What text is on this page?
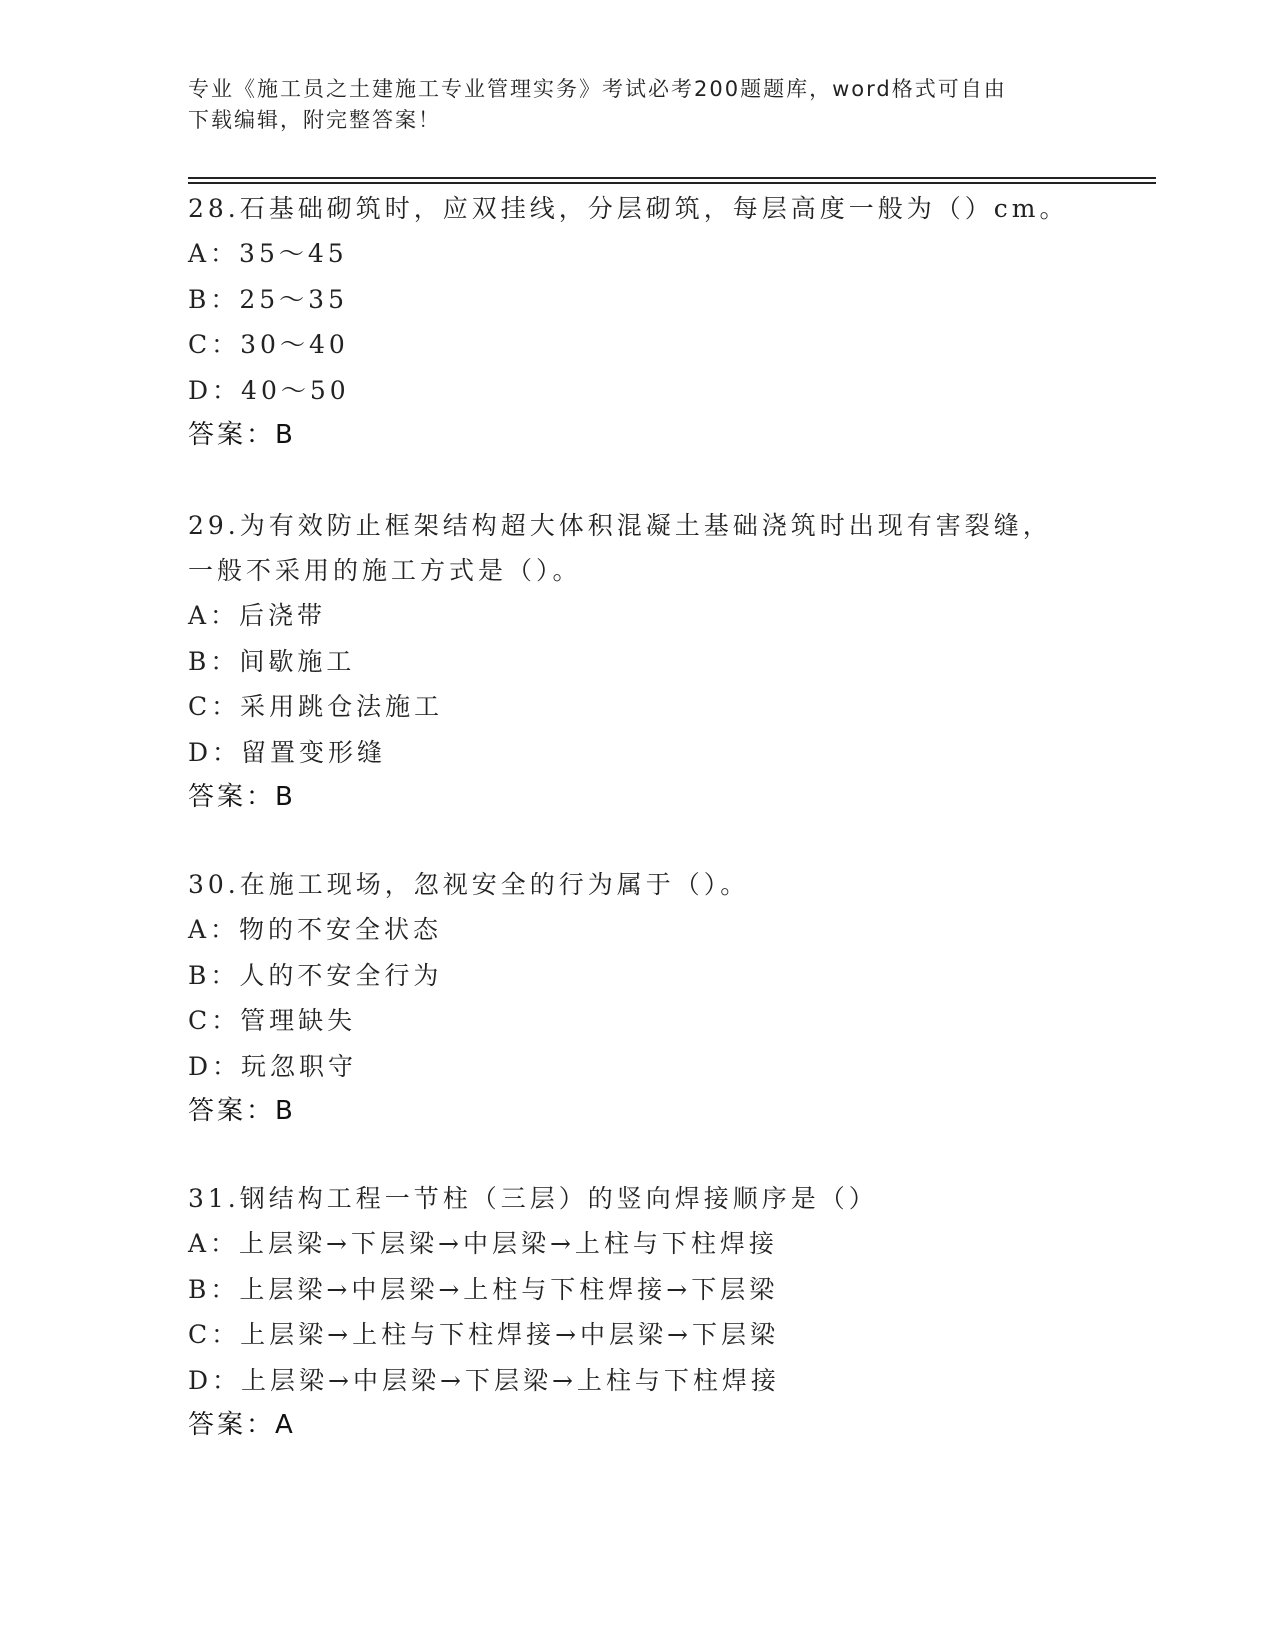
专业《施工员之土建施工专业管理实务》考试必考200题题库，word格式可自由
下载编辑，附完整答案！
28.石基础砌筑时，应双挂线，分层砌筑，每层高度一般为（）cm。
A：35～45
B：25～35
C：30～40
D：40～50
答案：B
29.为有效防止框架结构超大体积混凝土基础浇筑时出现有害裂缝，一般不采用的施工方式是（）。
A：后浇带
B：间歇施工
C：采用跳仓法施工
D：留置变形缝
答案：B
30.在施工现场，忽视安全的行为属于（）。
A：物的不安全状态
B：人的不安全行为
C：管理缺失
D：玩忽职守
答案：B
31.钢结构工程一节柱（三层）的竖向焊接顺序是（）
A：上层梁→下层梁→中层梁→上柱与下柱焊接
B：上层梁→中层梁→上柱与下柱焊接→下层梁
C：上层梁→上柱与下柱焊接→中层梁→下层梁
D：上层梁→中层梁→下层梁→上柱与下柱焊接
答案：A
